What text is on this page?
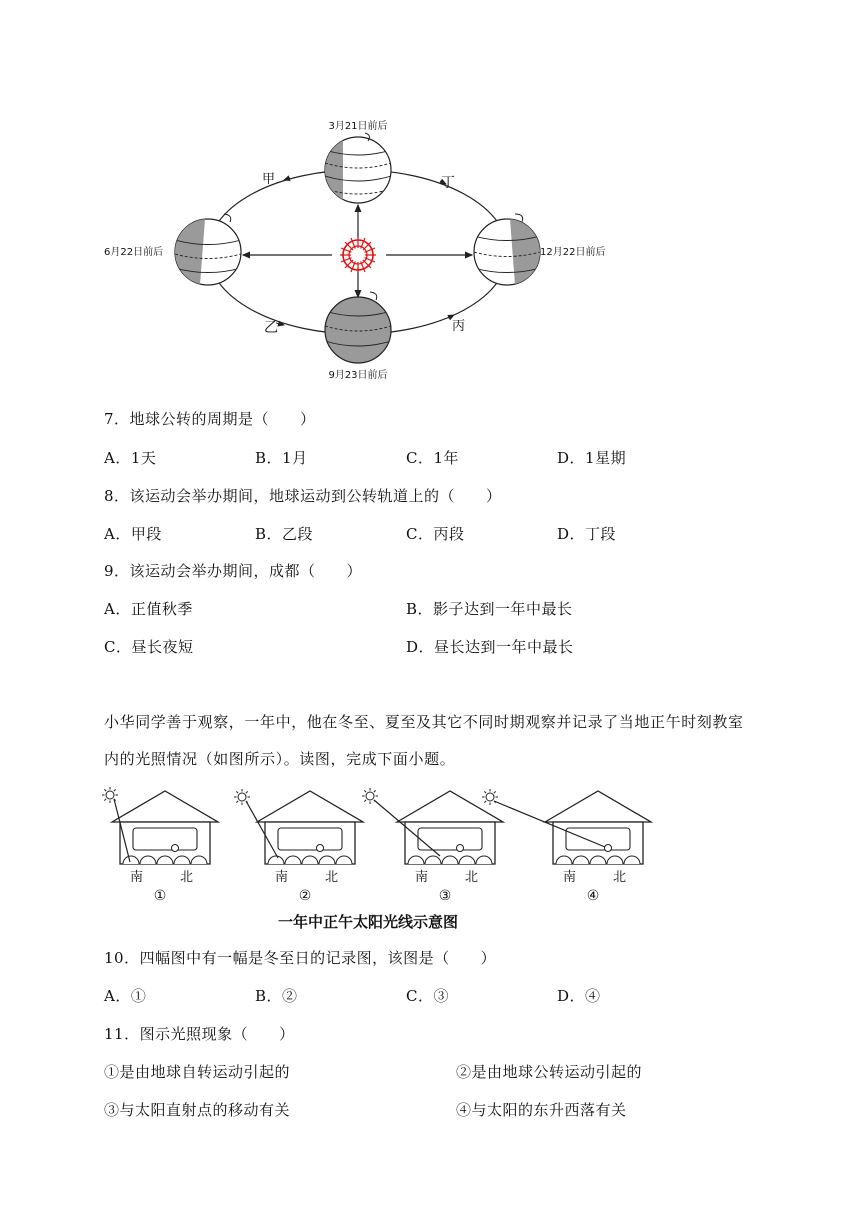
3月21日前后
6月22日前后	12月22日前后
9月23日前后
甲	丁
乙	丙
7．地球公转的周期是（　　）
A．1天	B．1月	C．1年	D．1星期
8．该运动会举办期间，地球运动到公转轨道上的（　　）
A．甲段	B．乙段	C．丙段	D．丁段
9．该运动会举办期间，成都（　　）
A．正值秋季	B．影子达到一年中最长
C．昼长夜短	D．昼长达到一年中最长
小华同学善于观察，一年中，他在冬至、夏至及其它不同时期观察并记录了当地正午时刻教室
内的光照情况（如图所示）。读图，完成下面小题。
南	北
①
南	北
②
南	北
③
南	北
④
一年中正午太阳光线示意图
10．四幅图中有一幅是冬至日的记录图，该图是（　　）
A．①	B．②	C．③	D．④
11．图示光照现象（　　）
①是由地球自转运动引起的	②是由地球公转运动引起的
③与太阳直射点的移动有关	④与太阳的东升西落有关
